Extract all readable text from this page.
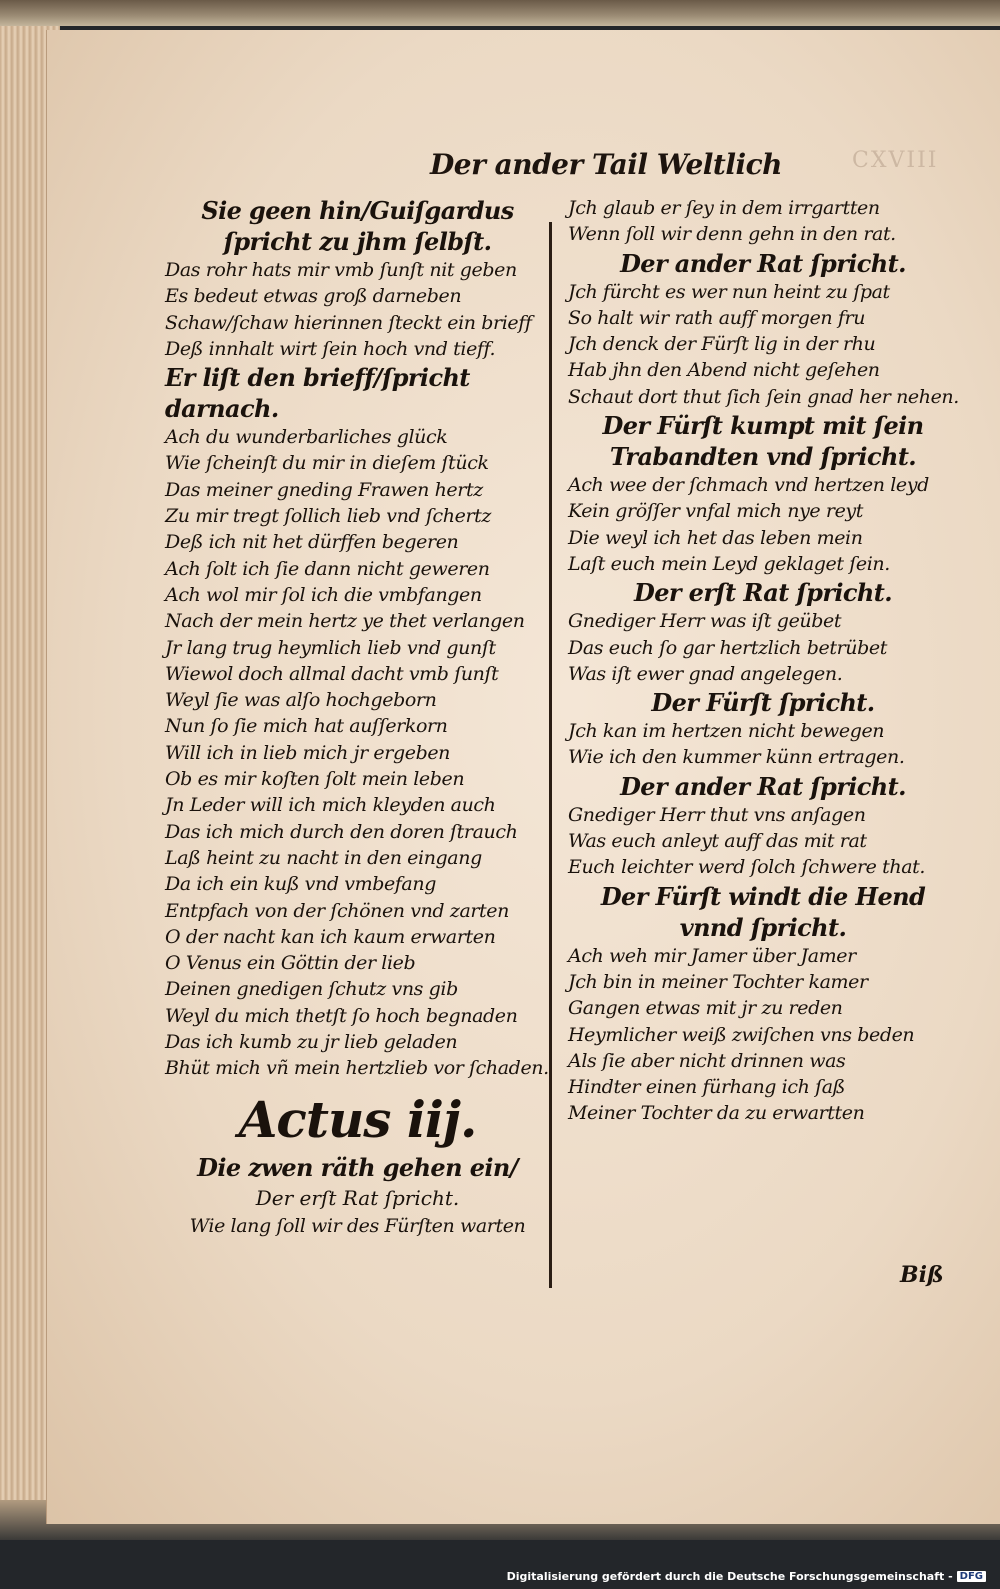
CXVIII
Der ander Tail Weltlich
Sie geen hin/Guiſgardus ſpricht zu jhm ſelbſt.
Das rohr hats mir vmb ſunſt nit geben
Es bedeut etwas groß darneben
Schaw/ſchaw hierinnen ſteckt ein brieff
Deß innhalt wirt ſein hoch vnd tieff.
Er liſt den brieff/ſpricht darnach.
Ach du wunderbarliches glück
Wie ſcheinſt du mir in dieſem ſtück
Das meiner gneding Frawen hertz
Zu mir tregt ſollich lieb vnd ſchertz
Deß ich nit het dürffen begeren
Ach ſolt ich ſie dann nicht geweren
Ach wol mir ſol ich die vmbfangen
Nach der mein hertz ye thet verlangen
Jr lang trug heymlich lieb vnd gunſt
Wiewol doch allmal dacht vmb ſunſt
Weyl ſie was alſo hochgeborn
Nun ſo ſie mich hat auſſerkorn
Will ich in lieb mich jr ergeben
Ob es mir koſten ſolt mein leben
Jn Leder will ich mich kleyden auch
Das ich mich durch den doren ſtrauch
Laß heint zu nacht in den eingang
Da ich ein kuß vnd vmbefang
Entpfach von der ſchönen vnd zarten
O der nacht kan ich kaum erwarten
O Venus ein Göttin der lieb
Deinen gnedigen ſchutz vns gib
Weyl du mich thetſt ſo hoch begnaden
Das ich kumb zu jr lieb geladen
Bhüt mich vñ mein hertzlieb vor ſchaden.
Actus iij.
Die zwen räth gehen ein/
Der erſt Rat ſpricht.
Wie lang ſoll wir des Fürſten warten
Jch glaub er ſey in dem irrgartten
Wenn ſoll wir denn gehn in den rat.
Der ander Rat ſpricht.
Jch fürcht es wer nun heint zu ſpat
So halt wir rath auff morgen fru
Jch denck der Fürſt lig in der rhu
Hab jhn den Abend nicht geſehen
Schaut dort thut ſich ſein gnad her nehen.
Der Fürſt kumpt mit ſein Trabandten vnd ſpricht.
Ach wee der ſchmach vnd hertzen leyd
Kein gröſſer vnfal mich nye reyt
Die weyl ich het das leben mein
Laſt euch mein Leyd geklaget ſein.
Der erſt Rat ſpricht.
Gnediger Herr was iſt geübet
Das euch ſo gar hertzlich betrübet
Was iſt ewer gnad angelegen.
Der Fürſt ſpricht.
Jch kan im hertzen nicht bewegen
Wie ich den kummer künn ertragen.
Der ander Rat ſpricht.
Gnediger Herr thut vns anſagen
Was euch anleyt auff das mit rat
Euch leichter werd ſolch ſchwere that.
Der Fürſt windt die Hend vnnd ſpricht.
Ach weh mir Jamer über Jamer
Jch bin in meiner Tochter kamer
Gangen etwas mit jr zu reden
Heymlicher weiß zwiſchen vns beden
Als ſie aber nicht drinnen was
Hindter einen fürhang ich ſaß
Meiner Tochter da zu erwartten
Biß
Digitalisierung gefördert durch die Deutsche Forschungsgemeinschaft - DFG
